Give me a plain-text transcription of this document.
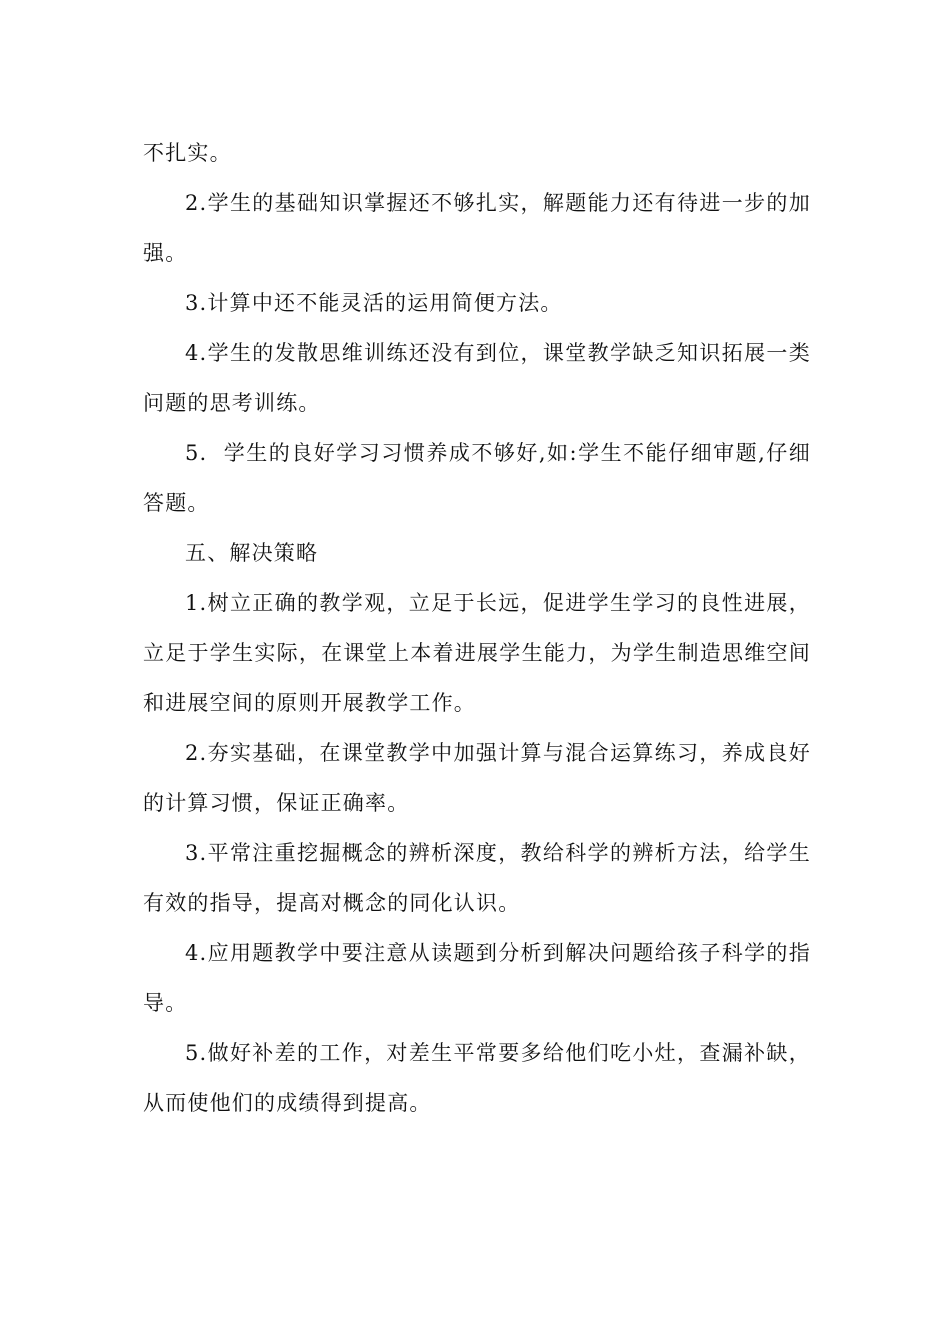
不扎实。

2.学生的基础知识掌握还不够扎实，解题能力还有待进一步的加强。

3.计算中还不能灵活的运用简便方法。

4.学生的发散思维训练还没有到位，课堂教学缺乏知识拓展一类问题的思考训练。

5.  学生的良好学习习惯养成不够好,如:学生不能仔细审题,仔细答题。

五、解决策略

1.树立正确的教学观，立足于长远，促进学生学习的良性进展，立足于学生实际，在课堂上本着进展学生能力，为学生制造思维空间和进展空间的原则开展教学工作。

2.夯实基础，在课堂教学中加强计算与混合运算练习，养成良好的计算习惯，保证正确率。

3.平常注重挖掘概念的辨析深度，教给科学的辨析方法，给学生有效的指导，提高对概念的同化认识。

4.应用题教学中要注意从读题到分析到解决问题给孩子科学的指导。

5.做好补差的工作，对差生平常要多给他们吃小灶，查漏补缺，从而使他们的成绩得到提高。
